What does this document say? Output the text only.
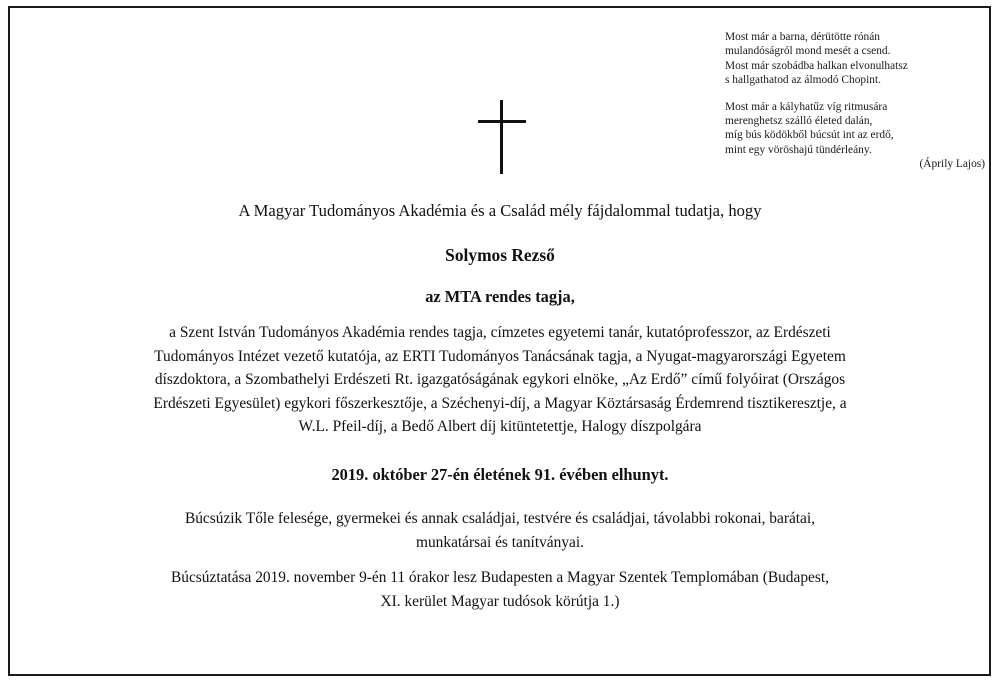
Most már a barna, dérütötte rónán
mulandóságról mond mesét a csend.
Most már szobádba halkan elvonulhatsz
s hallgathatod az álmodó Chopint.
Most már a kályhatűz víg ritmusára
merenghetsz szálló életed dalán,
míg bús ködökből búcsút int az erdő,
mint egy vöröshajú tündérleány.
(Áprily Lajos)
A Magyar Tudományos Akadémia és a Család mély fájdalommal tudatja, hogy
Solymos Rezső
az MTA rendes tagja,
a Szent István Tudományos Akadémia rendes tagja, címzetes egyetemi tanár, kutatóprofesszor, az Erdészeti
Tudományos Intézet vezető kutatója, az ERTI Tudományos Tanácsának tagja, a Nyugat-magyarországi Egyetem
díszdoktora, a Szombathelyi Erdészeti Rt. igazgatóságának egykori elnöke, „Az Erdő” című folyóirat (Országos
Erdészeti Egyesület) egykori főszerkesztője, a Széchenyi-díj, a Magyar Köztársaság Érdemrend tisztikeresztje, a
W.L. Pfeil-díj, a Bedő Albert díj kitüntetettje, Halogy díszpolgára
2019. október 27-én életének 91. évében elhunyt.
Búcsúzik Tőle felesége, gyermekei és annak családjai, testvére és családjai, távolabbi rokonai, barátai,
munkatársai és tanítványai.
Búcsúztatása 2019. november 9-én 11 órakor lesz Budapesten a Magyar Szentek Templomában (Budapest,
XI. kerület Magyar tudósok körútja 1.)
